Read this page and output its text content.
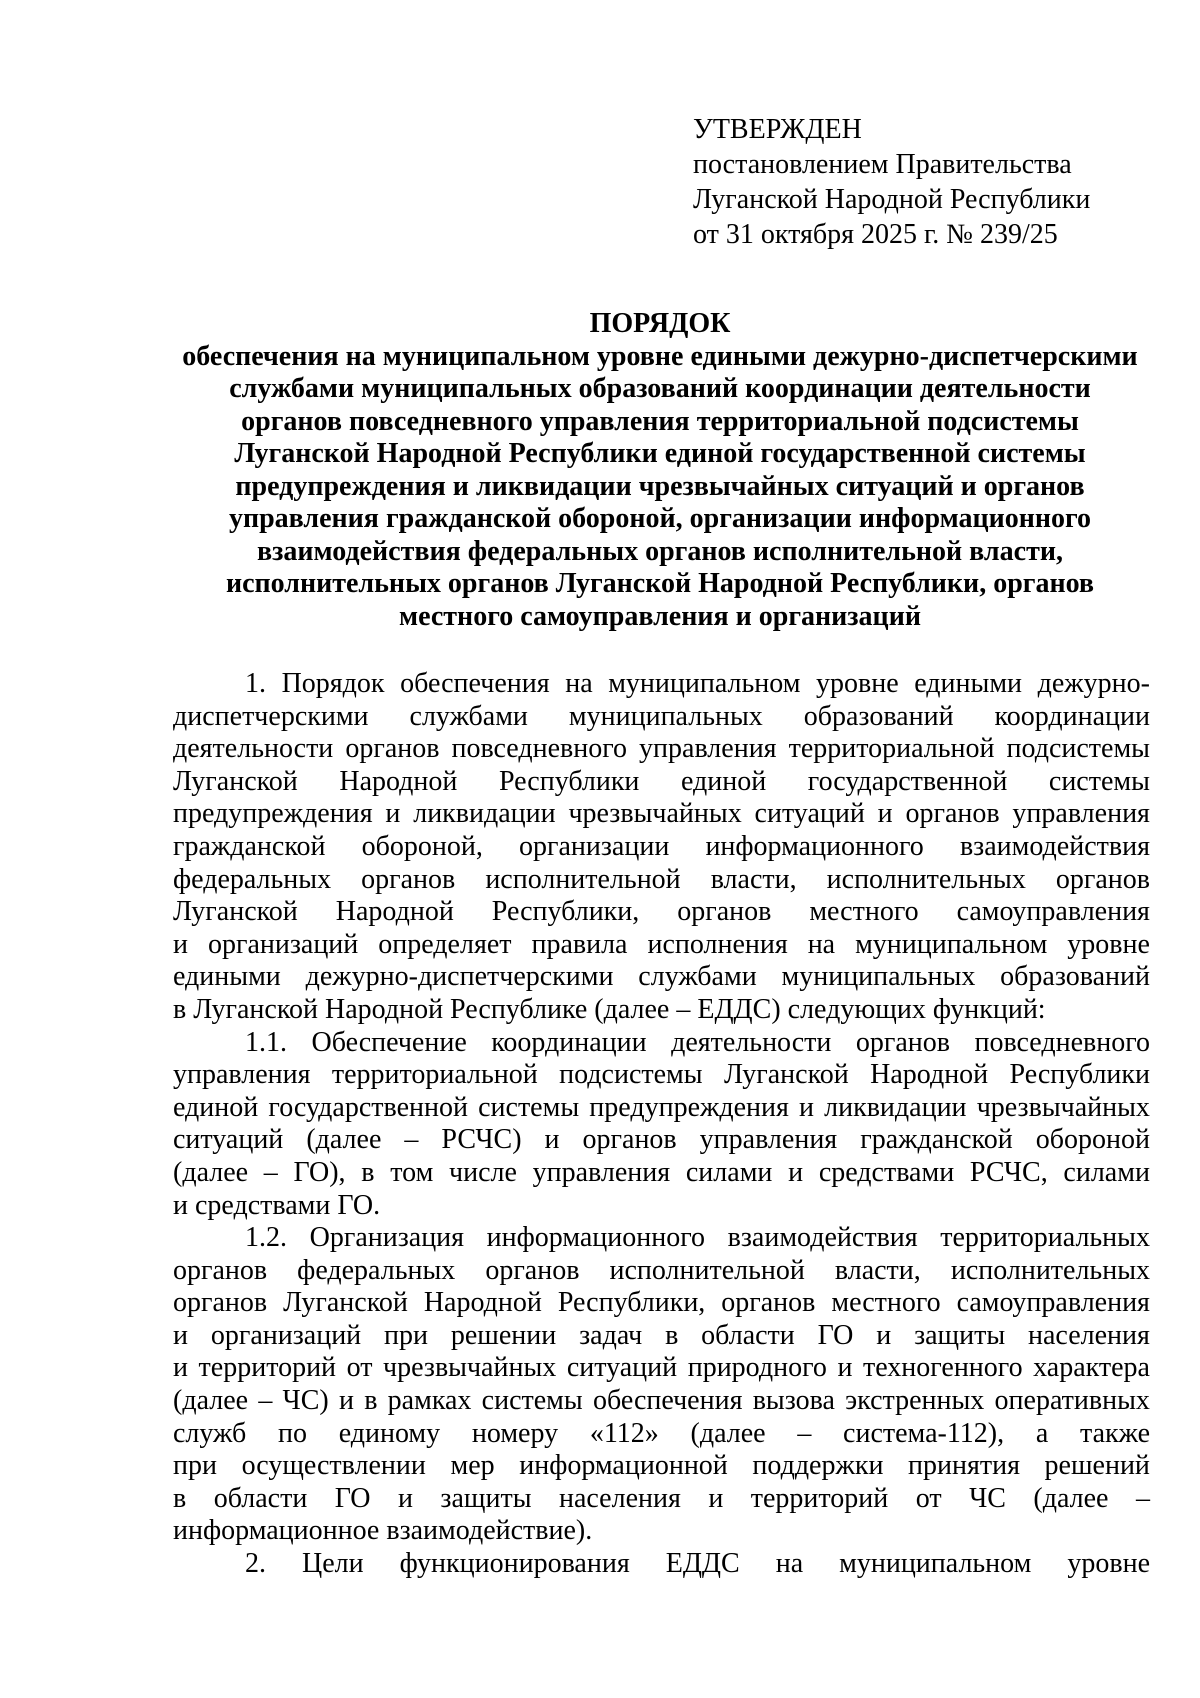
УТВЕРЖДЕН
постановлением Правительства
Луганской Народной Республики
от 31 октября 2025 г. № 239/25
ПОРЯДОК
обеспечения на муниципальном уровне едиными дежурно-диспетчерскими
службами муниципальных образований координации деятельности
органов повседневного управления территориальной подсистемы
Луганской Народной Республики единой государственной системы
предупреждения и ликвидации чрезвычайных ситуаций и органов
управления гражданской обороной, организации информационного
взаимодействия федеральных органов исполнительной власти,
исполнительных органов Луганской Народной Республики, органов
местного самоуправления и организаций
1. Порядок обеспечения на муниципальном уровне едиными дежурно-
диспетчерскими службами муниципальных образований координации
деятельности органов повседневного управления территориальной подсистемы
Луганской Народной Республики единой государственной системы
предупреждения и ликвидации чрезвычайных ситуаций и органов управления
гражданской обороной, организации информационного взаимодействия
федеральных органов исполнительной власти, исполнительных органов
Луганской Народной Республики, органов местного самоуправления
и организаций определяет правила исполнения на муниципальном уровне
едиными дежурно-диспетчерскими службами муниципальных образований
в Луганской Народной Республике (далее – ЕДДС) следующих функций:
1.1. Обеспечение координации деятельности органов повседневного
управления территориальной подсистемы Луганской Народной Республики
единой государственной системы предупреждения и ликвидации чрезвычайных
ситуаций (далее – РСЧС) и органов управления гражданской обороной
(далее – ГО), в том числе управления силами и средствами РСЧС, силами
и средствами ГО.
1.2. Организация информационного взаимодействия территориальных
органов федеральных органов исполнительной власти, исполнительных
органов Луганской Народной Республики, органов местного самоуправления
и организаций при решении задач в области ГО и защиты населения
и территорий от чрезвычайных ситуаций природного и техногенного характера
(далее – ЧС) и в рамках системы обеспечения вызова экстренных оперативных
служб по единому номеру «112» (далее – система-112), а также
при осуществлении мер информационной поддержки принятия решений
в области ГО и защиты населения и территорий от ЧС (далее –
информационное взаимодействие).
2. Цели функционирования ЕДДС на муниципальном уровне
